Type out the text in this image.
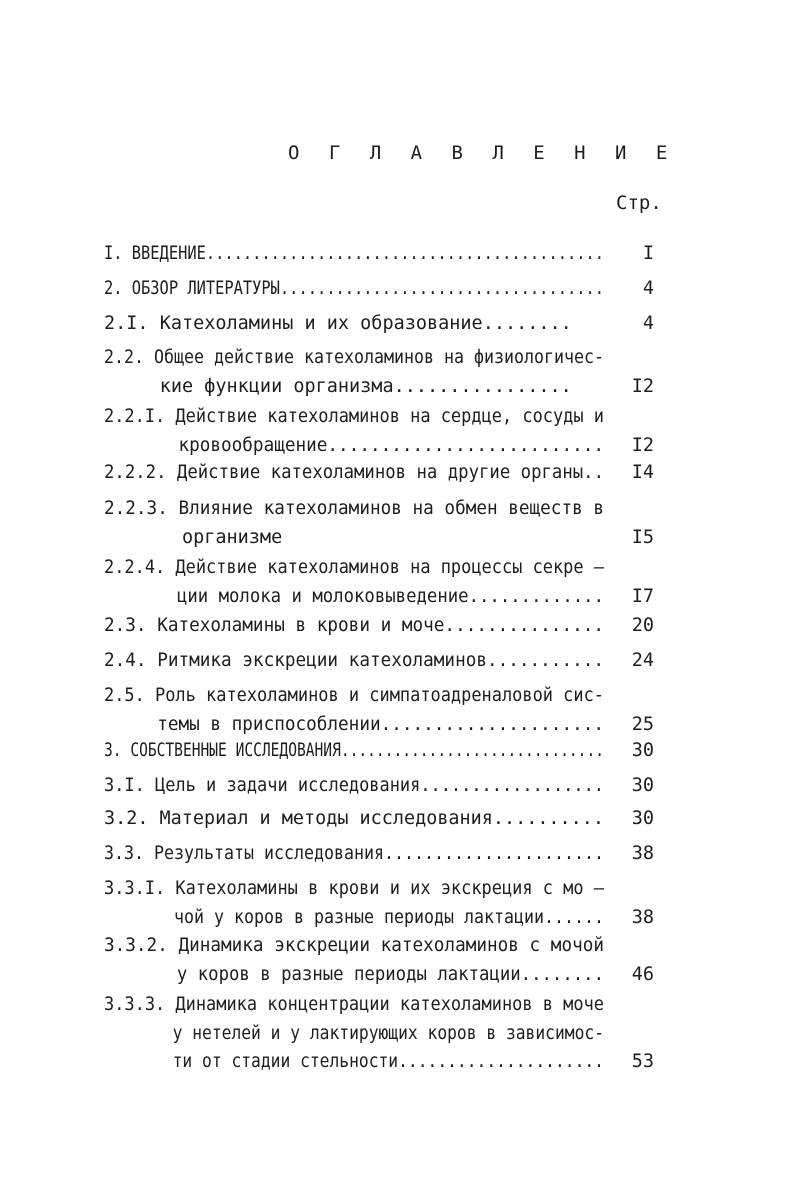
О Г Л А В Л Е Н И Е
Стр.
I. ВВЕДЕНИЕ...........................................	I
2. ОБЗОР ЛИТЕРАТУРЫ...................................	4
2.I. Катехоламины и их образование........	4
2.2. Общее действие катехоламинов на физиологичес-
кие функции организма................	I2
2.2.I. Действие катехоламинов на сердце, сосуды и
кровообращение..........................	I2
2.2.2. Действие катехоламинов на другие органы..	I4
2.2.3. Влияние катехоламинов на обмен веществ в
организме	I5
2.2.4. Действие катехоламинов на процессы секре –
ции молока и молоковыведение.............	I7
2.3. Катехоламины в крови и моче...............	20
2.4. Ритмика экскреции катехоламинов...........	24
2.5. Роль катехоламинов и симпатоадреналовой сис-
темы в приспособлении.....................	25
3. СОБСТВЕННЫЕ ИССЛЕДОВАНИЯ..............................	30
3.I. Цель и задачи исследования..................	30
3.2. Материал и методы исследования..........	30
3.3. Результаты исследования......................	38
3.3.I. Катехоламины в крови и их экскреция с мо –
чой у коров в разные периоды лактации......	38
3.3.2. Динамика экскреции катехоламинов с мочой
у коров в разные периоды лактации........	46
3.3.3. Динамика концентрации катехоламинов в моче
у нетелей и у лактирующих коров в зависимос-
ти от стадии стельности.....................	53
